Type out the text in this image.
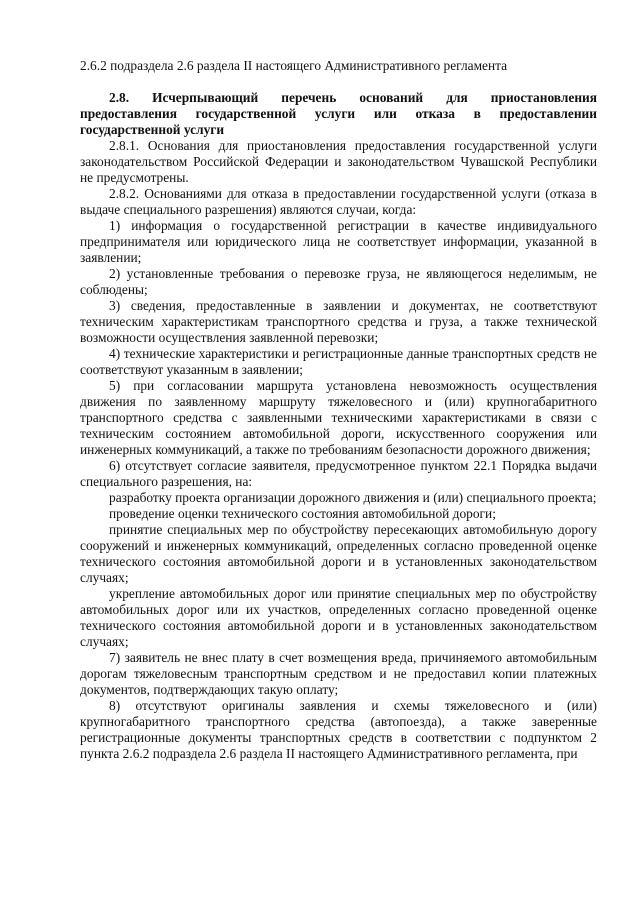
2.6.2 подраздела 2.6 раздела II настоящего Административного регламента

2.8. Исчерпывающий перечень оснований для приостановления предоставления государственной услуги или отказа в предоставлении государственной услуги

2.8.1. Основания для приостановления предоставления государственной услуги законодательством Российской Федерации и законодательством Чувашской Республики не предусмотрены.

2.8.2. Основаниями для отказа в предоставлении государственной услуги (отказа в выдаче специального разрешения) являются случаи, когда:

1) информация о государственной регистрации в качестве индивидуального предпринимателя или юридического лица не соответствует информации, указанной в заявлении;

2) установленные требования о перевозке груза, не являющегося неделимым, не соблюдены;

3) сведения, предоставленные в заявлении и документах, не соответствуют техническим характеристикам транспортного средства и груза, а также технической возможности осуществления заявленной перевозки;

4) технические характеристики и регистрационные данные транспортных средств не соответствуют указанным в заявлении;

5) при согласовании маршрута установлена невозможность осуществления движения по заявленному маршруту тяжеловесного и (или) крупногабаритного транспортного средства с заявленными техническими характеристиками в связи с техническим состоянием автомобильной дороги, искусственного сооружения или инженерных коммуникаций, а также по требованиям безопасности дорожного движения;

6) отсутствует согласие заявителя, предусмотренное пунктом 22.1 Порядка выдачи специального разрешения, на:

разработку проекта организации дорожного движения и (или) специального проекта;

проведение оценки технического состояния автомобильной дороги;

принятие специальных мер по обустройству пересекающих автомобильную дорогу сооружений и инженерных коммуникаций, определенных согласно проведенной оценке технического состояния автомобильной дороги и в установленных законодательством случаях;

укрепление автомобильных дорог или принятие специальных мер по обустройству автомобильных дорог или их участков, определенных согласно проведенной оценке технического состояния автомобильной дороги и в установленных законодательством случаях;

7) заявитель не внес плату в счет возмещения вреда, причиняемого автомобильным дорогам тяжеловесным транспортным средством и не предоставил копии платежных документов, подтверждающих такую оплату;

8) отсутствуют оригиналы заявления и схемы тяжеловесного и (или) крупногабаритного транспортного средства (автопоезда), а также заверенные регистрационные документы транспортных средств в соответствии с подпунктом 2 пункта 2.6.2 подраздела 2.6 раздела II настоящего Административного регламента, при
